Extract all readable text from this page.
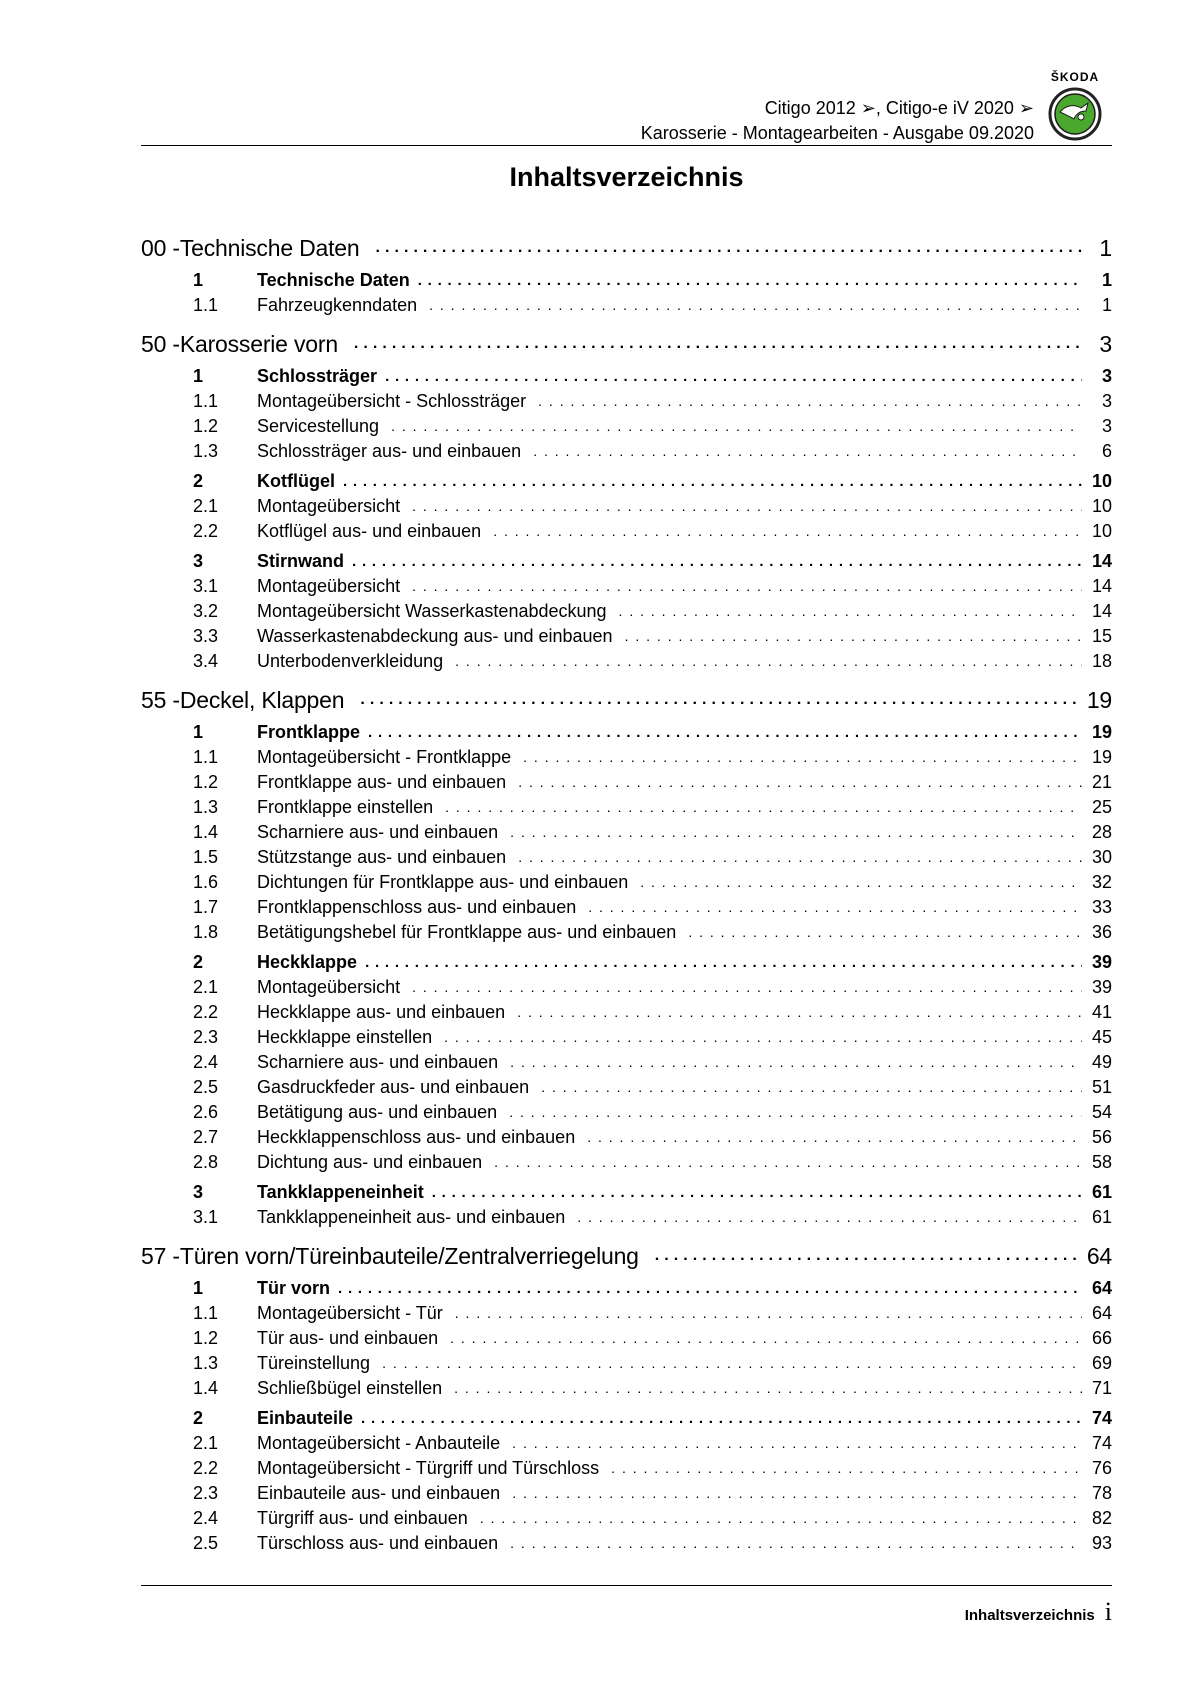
Citigo 2012 ➢, Citigo-e iV 2020 ➢
Karosserie - Montagearbeiten - Ausgabe 09.2020
ŠKODA
Inhaltsverzeichnis
00 - Technische Daten . . .	1
1	Technische Daten . . .	1
1.1	Fahrzeugkenndaten . . .	1
50 - Karosserie vorn . . .	3
1	Schlossträger . . .	3
1.1	Montageübersicht - Schlossträger . . .	3
1.2	Servicestellung . . .	3
1.3	Schlossträger aus- und einbauen . . .	6
2	Kotflügel . . .	10
2.1	Montageübersicht . . .	10
2.2	Kotflügel aus- und einbauen . . .	10
3	Stirnwand . . .	14
3.1	Montageübersicht . . .	14
3.2	Montageübersicht Wasserkastenabdeckung . . .	14
3.3	Wasserkastenabdeckung aus- und einbauen . . .	15
3.4	Unterbodenverkleidung . . .	18
55 - Deckel, Klappen . . .	19
1	Frontklappe . . .	19
1.1	Montageübersicht - Frontklappe . . .	19
1.2	Frontklappe aus- und einbauen . . .	21
1.3	Frontklappe einstellen . . .	25
1.4	Scharniere aus- und einbauen . . .	28
1.5	Stützstange aus- und einbauen . . .	30
1.6	Dichtungen für Frontklappe aus- und einbauen . . .	32
1.7	Frontklappenschloss aus- und einbauen . . .	33
1.8	Betätigungshebel für Frontklappe aus- und einbauen . . .	36
2	Heckklappe . . .	39
2.1	Montageübersicht . . .	39
2.2	Heckklappe aus- und einbauen . . .	41
2.3	Heckklappe einstellen . . .	45
2.4	Scharniere aus- und einbauen . . .	49
2.5	Gasdruckfeder aus- und einbauen . . .	51
2.6	Betätigung aus- und einbauen . . .	54
2.7	Heckklappenschloss aus- und einbauen . . .	56
2.8	Dichtung aus- und einbauen . . .	58
3	Tankklappeneinheit . . .	61
3.1	Tankklappeneinheit aus- und einbauen . . .	61
57 - Türen vorn/Türeinbauteile/Zentralverriegelung . . .	64
1	Tür vorn . . .	64
1.1	Montageübersicht - Tür . . .	64
1.2	Tür aus- und einbauen . . .	66
1.3	Türeinstellung . . .	69
1.4	Schließbügel einstellen . . .	71
2	Einbauteile . . .	74
2.1	Montageübersicht - Anbauteile . . .	74
2.2	Montageübersicht - Türgriff und Türschloss . . .	76
2.3	Einbauteile aus- und einbauen . . .	78
2.4	Türgriff aus- und einbauen . . .	82
2.5	Türschloss aus- und einbauen . . .	93
Inhaltsverzeichnis i
